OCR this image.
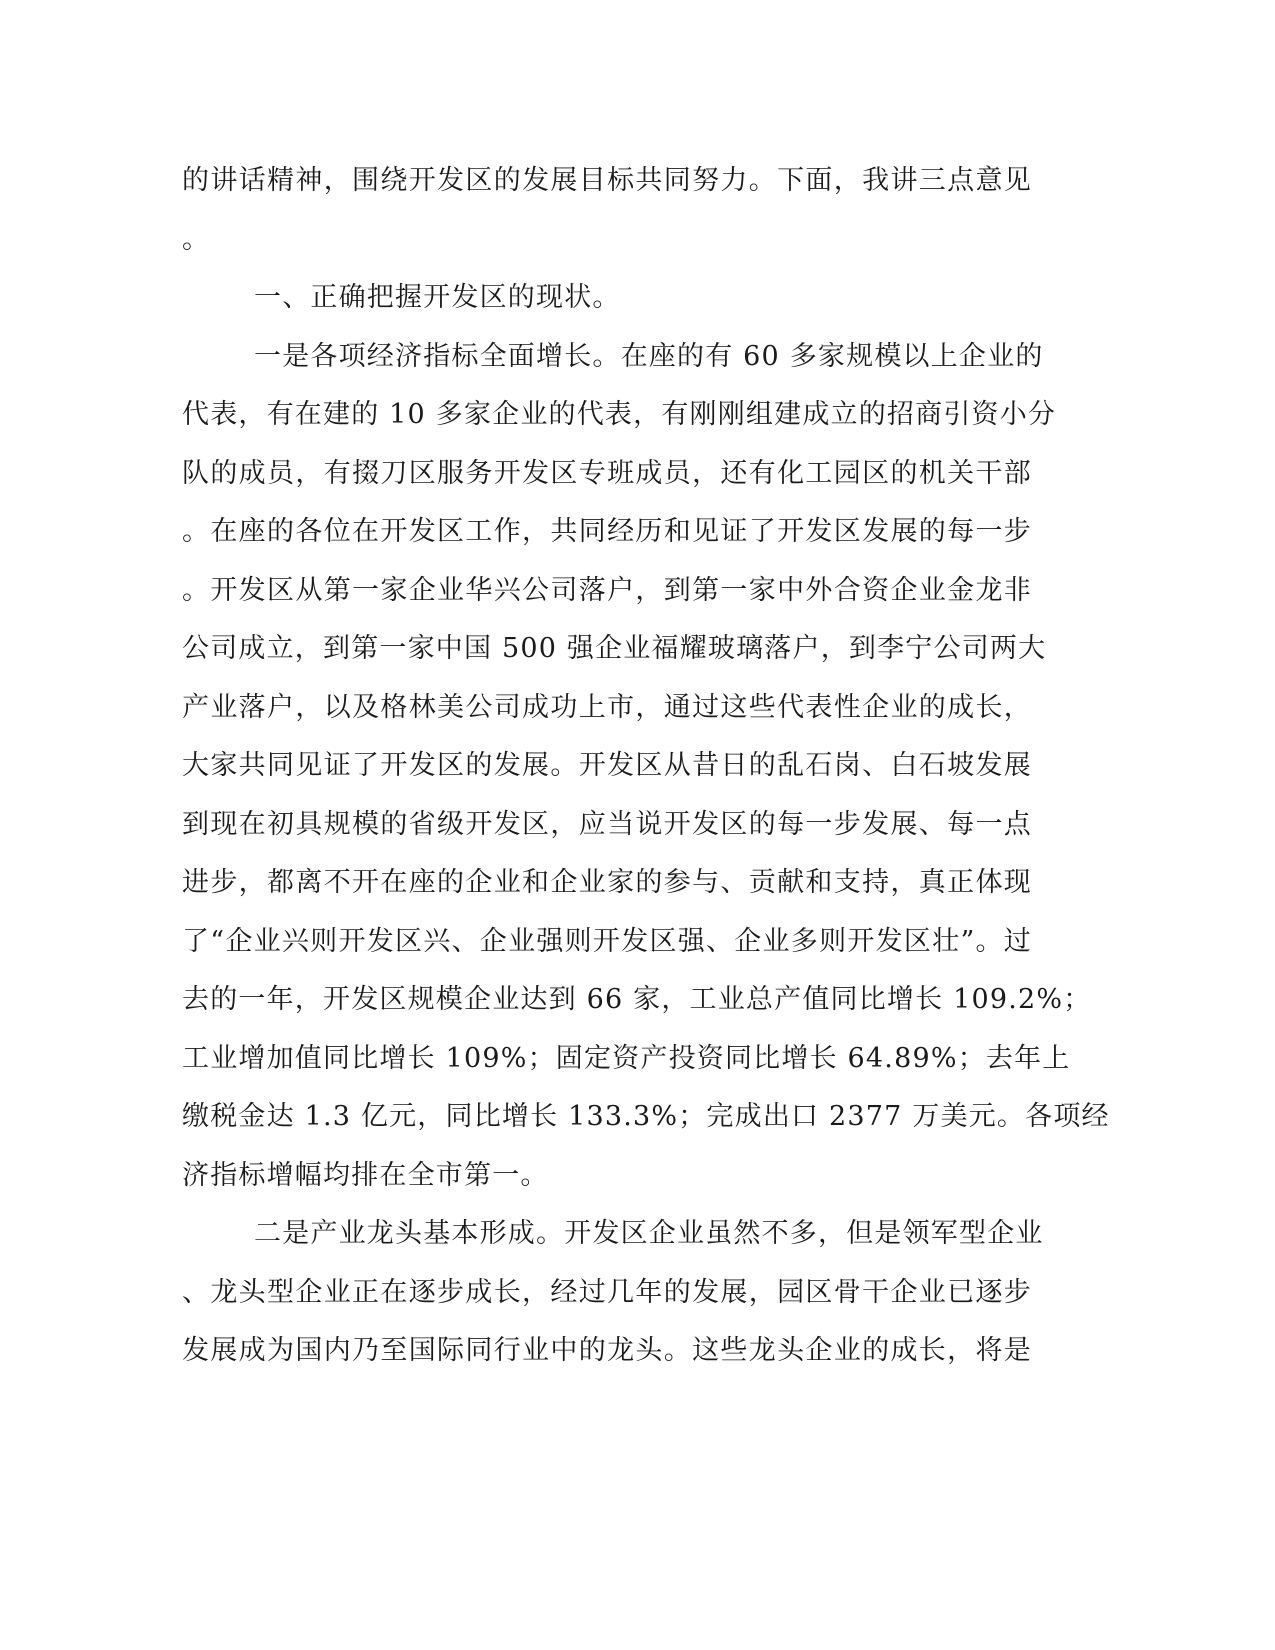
的讲话精神，围绕开发区的发展目标共同努力。下面，我讲三点意见
。
一、正确把握开发区的现状。
一是各项经济指标全面增长。在座的有 60 多家规模以上企业的
代表，有在建的 10 多家企业的代表，有刚刚组建成立的招商引资小分
队的成员，有掇刀区服务开发区专班成员，还有化工园区的机关干部
。在座的各位在开发区工作，共同经历和见证了开发区发展的每一步
。开发区从第一家企业华兴公司落户，到第一家中外合资企业金龙非
公司成立，到第一家中国 500 强企业福耀玻璃落户，到李宁公司两大
产业落户，以及格林美公司成功上市，通过这些代表性企业的成长，
大家共同见证了开发区的发展。开发区从昔日的乱石岗、白石坡发展
到现在初具规模的省级开发区，应当说开发区的每一步发展、每一点
进步，都离不开在座的企业和企业家的参与、贡献和支持，真正体现
了“企业兴则开发区兴、企业强则开发区强、企业多则开发区壮”。过
去的一年，开发区规模企业达到 66 家，工业总产值同比增长 109.2%；
工业增加值同比增长 109%；固定资产投资同比增长 64.89%；去年上
缴税金达 1.3 亿元，同比增长 133.3%；完成出口 2377 万美元。各项经
济指标增幅均排在全市第一。
二是产业龙头基本形成。开发区企业虽然不多，但是领军型企业
、龙头型企业正在逐步成长，经过几年的发展，园区骨干企业已逐步
发展成为国内乃至国际同行业中的龙头。这些龙头企业的成长，将是
